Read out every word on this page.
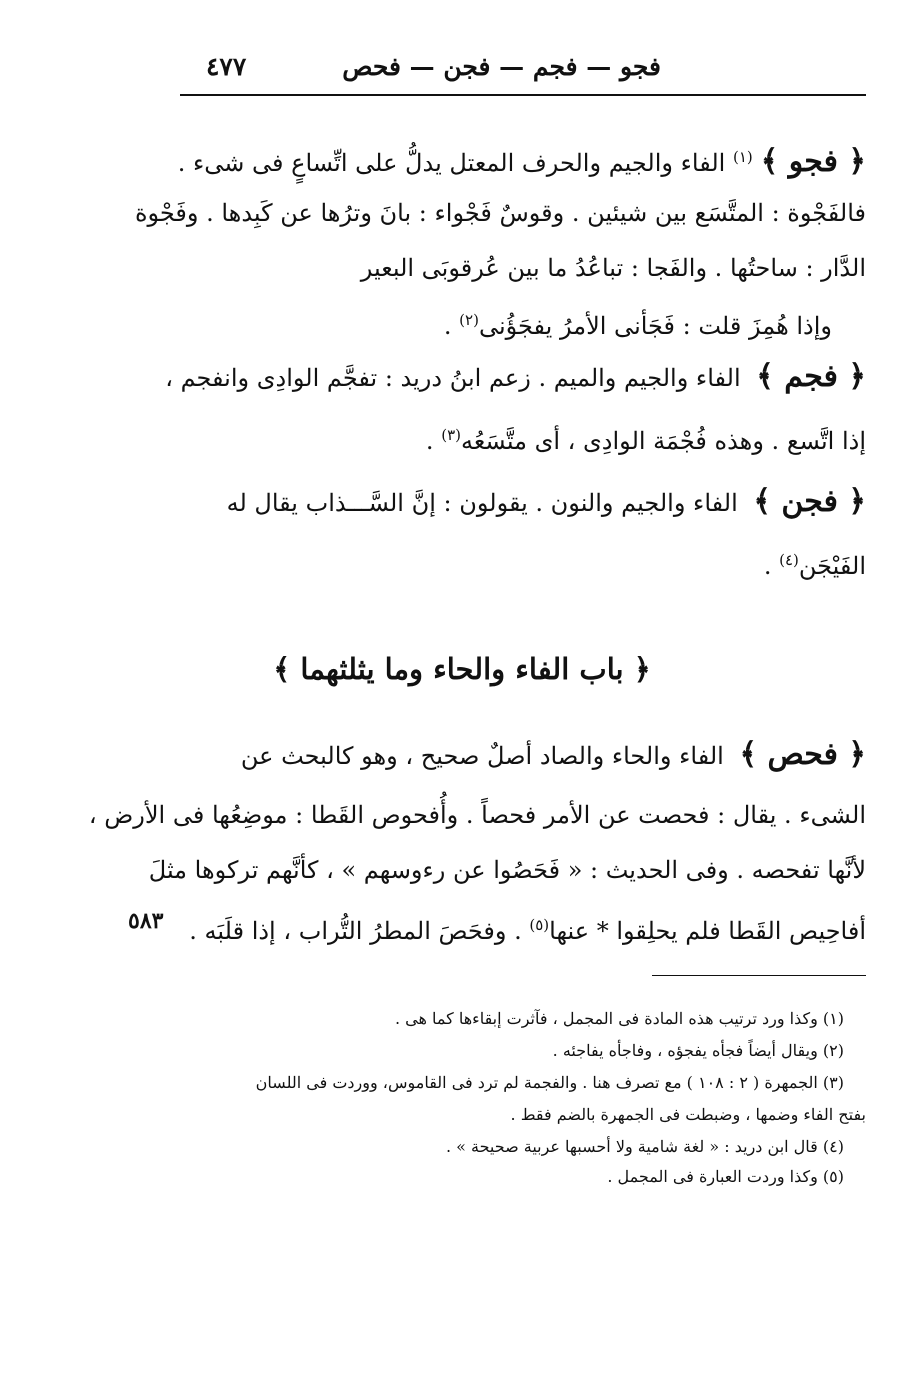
فجو — فجم — فجن — فحص
٤٧٧
﴿ فجو ﴾$^{(١)}$ الفاء والجيم والحرف المعتل يدلُّ على اتِّساعٍ فى شىء .
فالفَجْوة : المتَّسَع بين شيئين . وقوسٌ فَجْواء : بانَ وترُها عن كَبِدها . وفَجْوة
الدَّار : ساحتُها . والفَجا : تباعُدُ ما بين عُرقوبَى البعير
وإذا هُمِزَ قلت : فَجَأنى الأمرُ يفجَؤُنى$^{(٢)}$ .
﴿ فجم ﴾ الفاء والجيم والميم . زعم ابنُ دريد : تفجَّم الوادِى وانفجم ،
إذا اتَّسع . وهذه فُجْمَة الوادِى ، أى متَّسَعُه$^{(٣)}$ .
﴿ فجن ﴾ الفاء والجيم والنون . يقولون : إنَّ السَّـــذاب يقال له
الفَيْجَن$^{(٤)}$ .
﴿ باب الفاء والحاء وما يثلثهما ﴾
﴿ فحص ﴾ الفاء والحاء والصاد أصلٌ صحيح ، وهو كالبحث عن
الشىء . يقال : فحصت عن الأمر فحصاً . وأُفحوص القَطا : موضِعُها فى الأرض ،
لأنَّها تفحصه . وفى الحديث : « فَحَصُوا عن رءوسهم » ، كأنَّهم تركوها مثلَ
أفاحِيص القَطا فلم يحلِقوا * عنها$^{(٥)}$ . وفحَصَ المطرُ التُّراب ، إذا قلَبَه .
٥٨٣
(١) وكذا ورد ترتيب هذه المادة فى المجمل ، فآثرت إبقاءها كما هى .
(٢) ويقال أيضاً فجأه يفجؤه ، وفاجأه يفاجئه .
(٣) الجمهرة ( ٢ : ١٠٨ ) مع تصرف هنا . والفجمة لم ترد فى القاموس، ووردت فى اللسان
بفتح الفاء وضمها ، وضبطت فى الجمهرة بالضم فقط .
(٤) قال ابن دريد : « لغة شامية ولا أحسبها عربية صحيحة » .
(٥) وكذا وردت العبارة فى المجمل .
